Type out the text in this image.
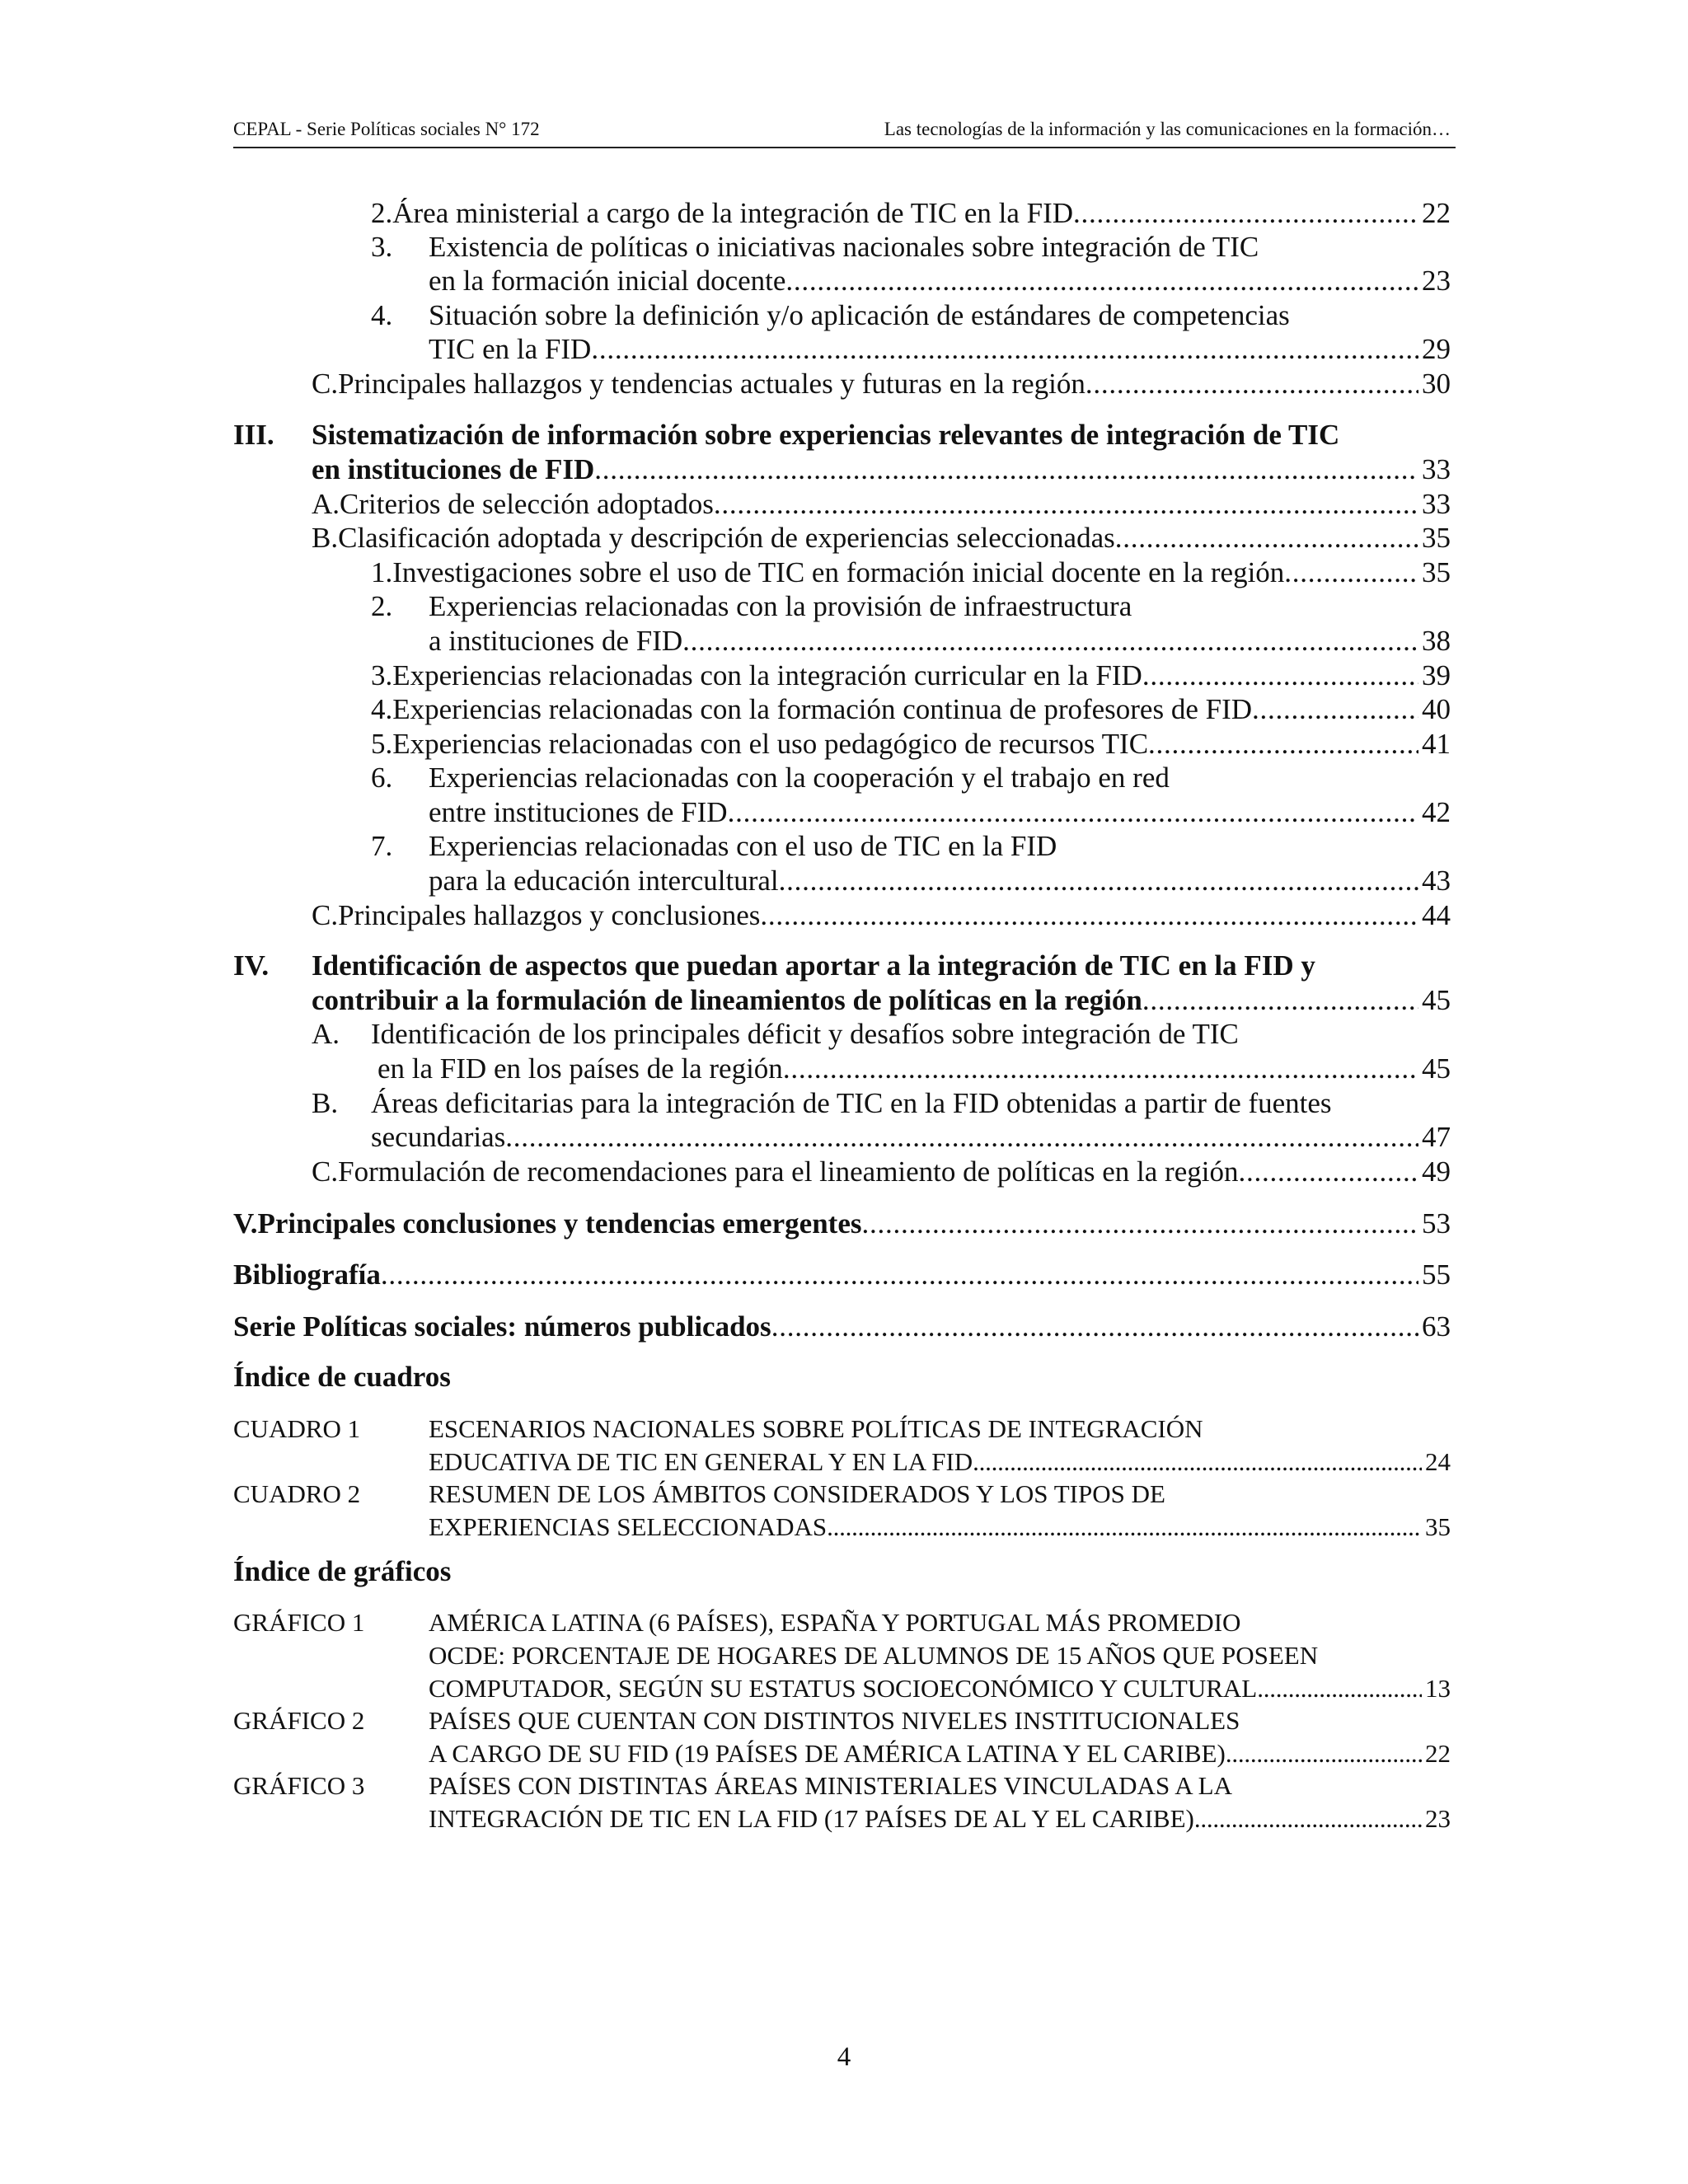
CEPAL - Serie Políticas sociales N° 172	Las tecnologías de la información y las comunicaciones en la formación…
2. Área ministerial a cargo de la integración de TIC en la FID . . .	22
3.	Existencia de políticas o iniciativas nacionales sobre integración de TIC
en la formación inicial docente . . .	23
4.	Situación sobre la definición y/o aplicación de estándares de competencias
TIC en la FID . . .	29
C. Principales hallazgos y tendencias actuales y futuras en la región . . .	30
III.	Sistematización de información sobre experiencias relevantes de integración de TIC
en instituciones de FID . . .	33
A. Criterios de selección adoptados . . .	33
B. Clasificación adoptada y descripción de experiencias seleccionadas . . .	35
1. Investigaciones sobre el uso de TIC en formación inicial docente en la región . . .	35
2.	Experiencias relacionadas con la provisión de infraestructura
a instituciones de FID . . .	38
3. Experiencias relacionadas con la integración curricular en la FID . . .	39
4. Experiencias relacionadas con la formación continua de profesores de FID . . .	40
5. Experiencias relacionadas con el uso pedagógico de recursos TIC . . .	41
6.	Experiencias relacionadas con la cooperación y el trabajo en red
entre instituciones de FID . . .	42
7.	Experiencias relacionadas con el uso de TIC en la FID
para la educación intercultural . . .	43
C. Principales hallazgos y conclusiones . . .	44
IV.	Identificación de aspectos que puedan aportar a la integración de TIC en la FID y
contribuir a la formulación de lineamientos de políticas en la región . . .	45
A.	Identificación de los principales déficit y desafíos sobre integración de TIC
en la FID en los países de la región . . .	45
B.	Áreas deficitarias para la integración de TIC en la FID obtenidas a partir de fuentes
secundarias . . .	47
C. Formulación de recomendaciones para el lineamiento de políticas en la región . . .	49
V. Principales conclusiones y tendencias emergentes . . .	53
Bibliografía . . .	55
Serie Políticas sociales: números publicados . . .	63
Índice de cuadros
CUADRO 1	ESCENARIOS NACIONALES SOBRE POLÍTICAS DE INTEGRACIÓN
EDUCATIVA DE TIC EN GENERAL Y EN LA FID . . .	24
CUADRO 2	RESUMEN DE LOS ÁMBITOS CONSIDERADOS Y LOS TIPOS DE
EXPERIENCIAS SELECCIONADAS . . .	35
Índice de gráficos
GRÁFICO 1	AMÉRICA LATINA (6 PAÍSES), ESPAÑA Y PORTUGAL MÁS PROMEDIO
OCDE: PORCENTAJE DE HOGARES DE ALUMNOS DE 15 AÑOS QUE POSEEN
COMPUTADOR, SEGÚN SU ESTATUS SOCIOECONÓMICO Y CULTURAL . . .	13
GRÁFICO 2	PAÍSES QUE CUENTAN CON DISTINTOS NIVELES INSTITUCIONALES
A CARGO DE SU FID (19 PAÍSES DE AMÉRICA LATINA Y EL CARIBE) . . .	22
GRÁFICO 3	PAÍSES CON DISTINTAS ÁREAS MINISTERIALES VINCULADAS A LA
INTEGRACIÓN DE TIC EN LA FID (17 PAÍSES DE AL Y EL CARIBE) . . .	23
4
